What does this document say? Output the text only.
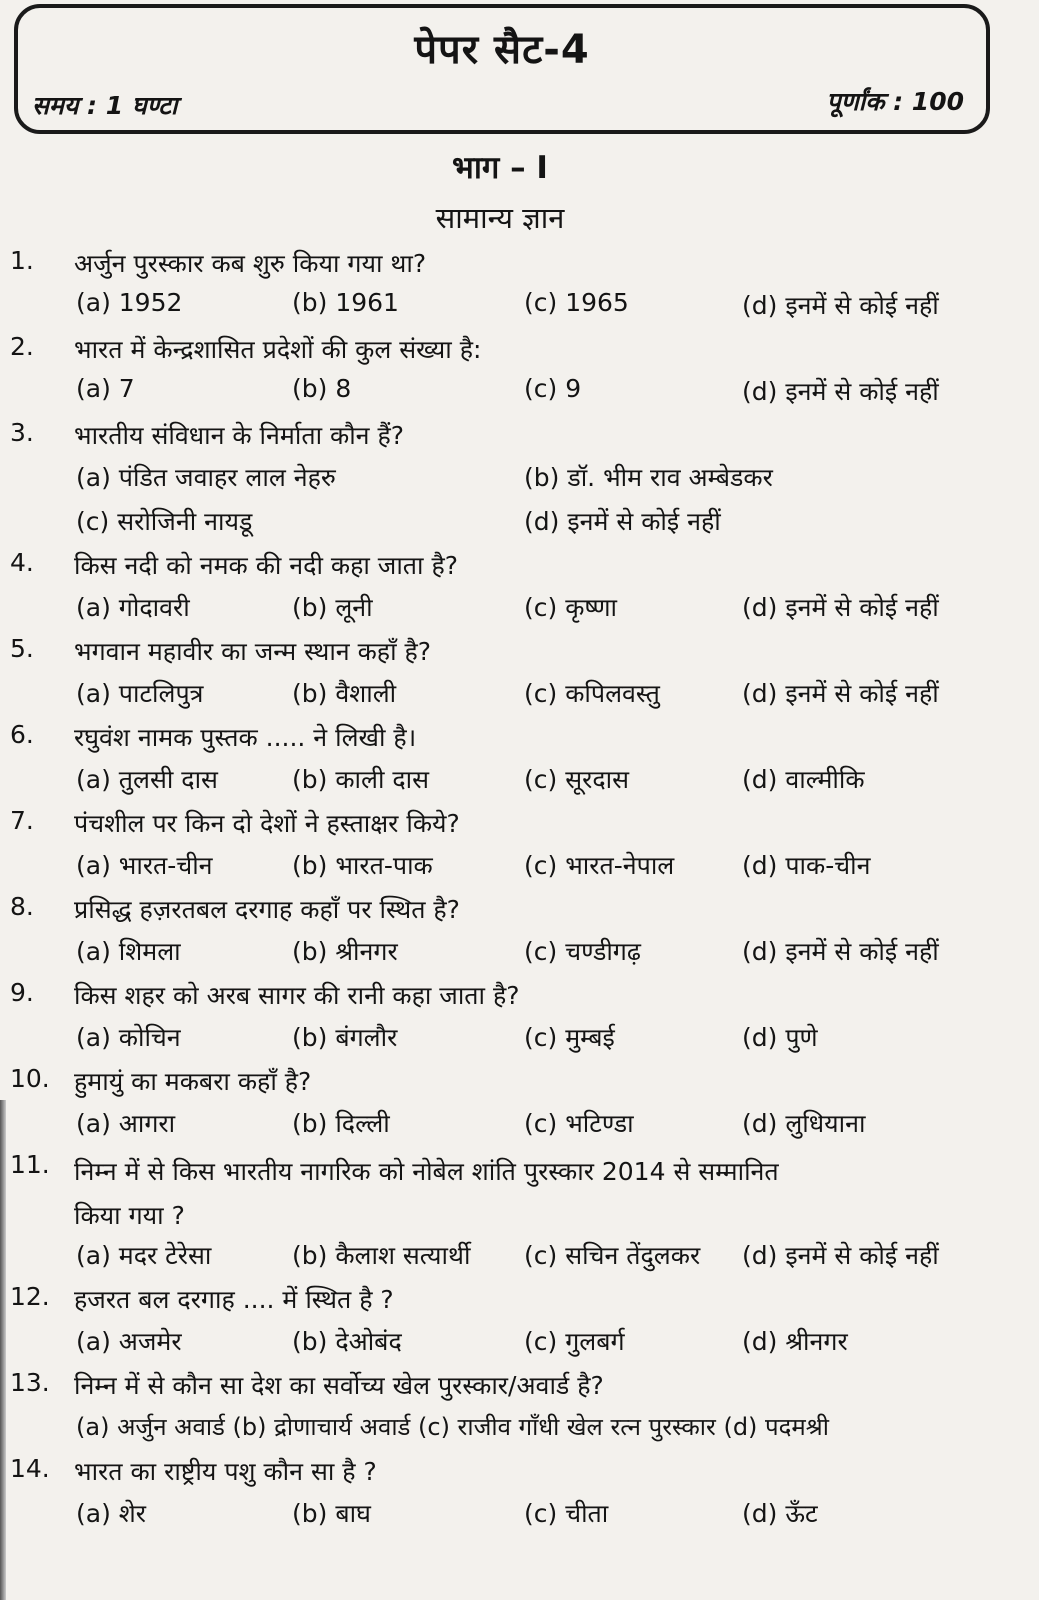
पेपर सैट-4
समय : 1 घण्टा	पूर्णांक : 100
भाग – I
सामान्य ज्ञान
1.	अर्जुन पुरस्कार कब शुरु किया गया था?
(a) 1952	(b) 1961	(c) 1965	(d) इनमें से कोई नहीं
2.	भारत में केन्द्रशासित प्रदेशों की कुल संख्या है:
(a) 7	(b) 8	(c) 9	(d) इनमें से कोई नहीं
3.	भारतीय संविधान के निर्माता कौन हैं?
(a) पंडित जवाहर लाल नेहरु	(b) डॉ. भीम राव अम्बेडकर
(c) सरोजिनी नायडू	(d) इनमें से कोई नहीं
4.	किस नदी को नमक की नदी कहा जाता है?
(a) गोदावरी	(b) लूनी	(c) कृष्णा	(d) इनमें से कोई नहीं
5.	भगवान महावीर का जन्म स्थान कहाँ है?
(a) पाटलिपुत्र	(b) वैशाली	(c) कपिलवस्तु	(d) इनमें से कोई नहीं
6.	रघुवंश नामक पुस्तक ..... ने लिखी है।
(a) तुलसी दास	(b) काली दास	(c) सूरदास	(d) वाल्मीकि
7.	पंचशील पर किन दो देशों ने हस्ताक्षर किये?
(a) भारत-चीन	(b) भारत-पाक	(c) भारत-नेपाल	(d) पाक-चीन
8.	प्रसिद्ध हज़रतबल दरगाह कहाँ पर स्थित है?
(a) शिमला	(b) श्रीनगर	(c) चण्डीगढ़	(d) इनमें से कोई नहीं
9.	किस शहर को अरब सागर की रानी कहा जाता है?
(a) कोचिन	(b) बंगलौर	(c) मुम्बई	(d) पुणे
10. हुमायुं का मकबरा कहाँ है?
(a) आगरा	(b) दिल्ली	(c) भटिण्डा	(d) लुधियाना
11. निम्न में से किस भारतीय नागरिक को नोबेल शांति पुरस्कार 2014 से सम्मानित किया गया ?
(a) मदर टेरेसा	(b) कैलाश सत्यार्थी (c) सचिन तेंदुलकर (d) इनमें से कोई नहीं
12. हजरत बल दरगाह .... में स्थित है ?
(a) अजमेर	(b) देओबंद	(c) गुलबर्ग	(d) श्रीनगर
13. निम्न में से कौन सा देश का सर्वोच्य खेल पुरस्कार/अवार्ड है?
(a) अर्जुन अवार्ड (b) द्रोणाचार्य अवार्ड (c) राजीव गाँधी खेल रत्न पुरस्कार (d) पदमश्री
14. भारत का राष्ट्रीय पशु कौन सा है ?
(a) शेर	(b) बाघ	(c) चीता	(d) ऊँट
